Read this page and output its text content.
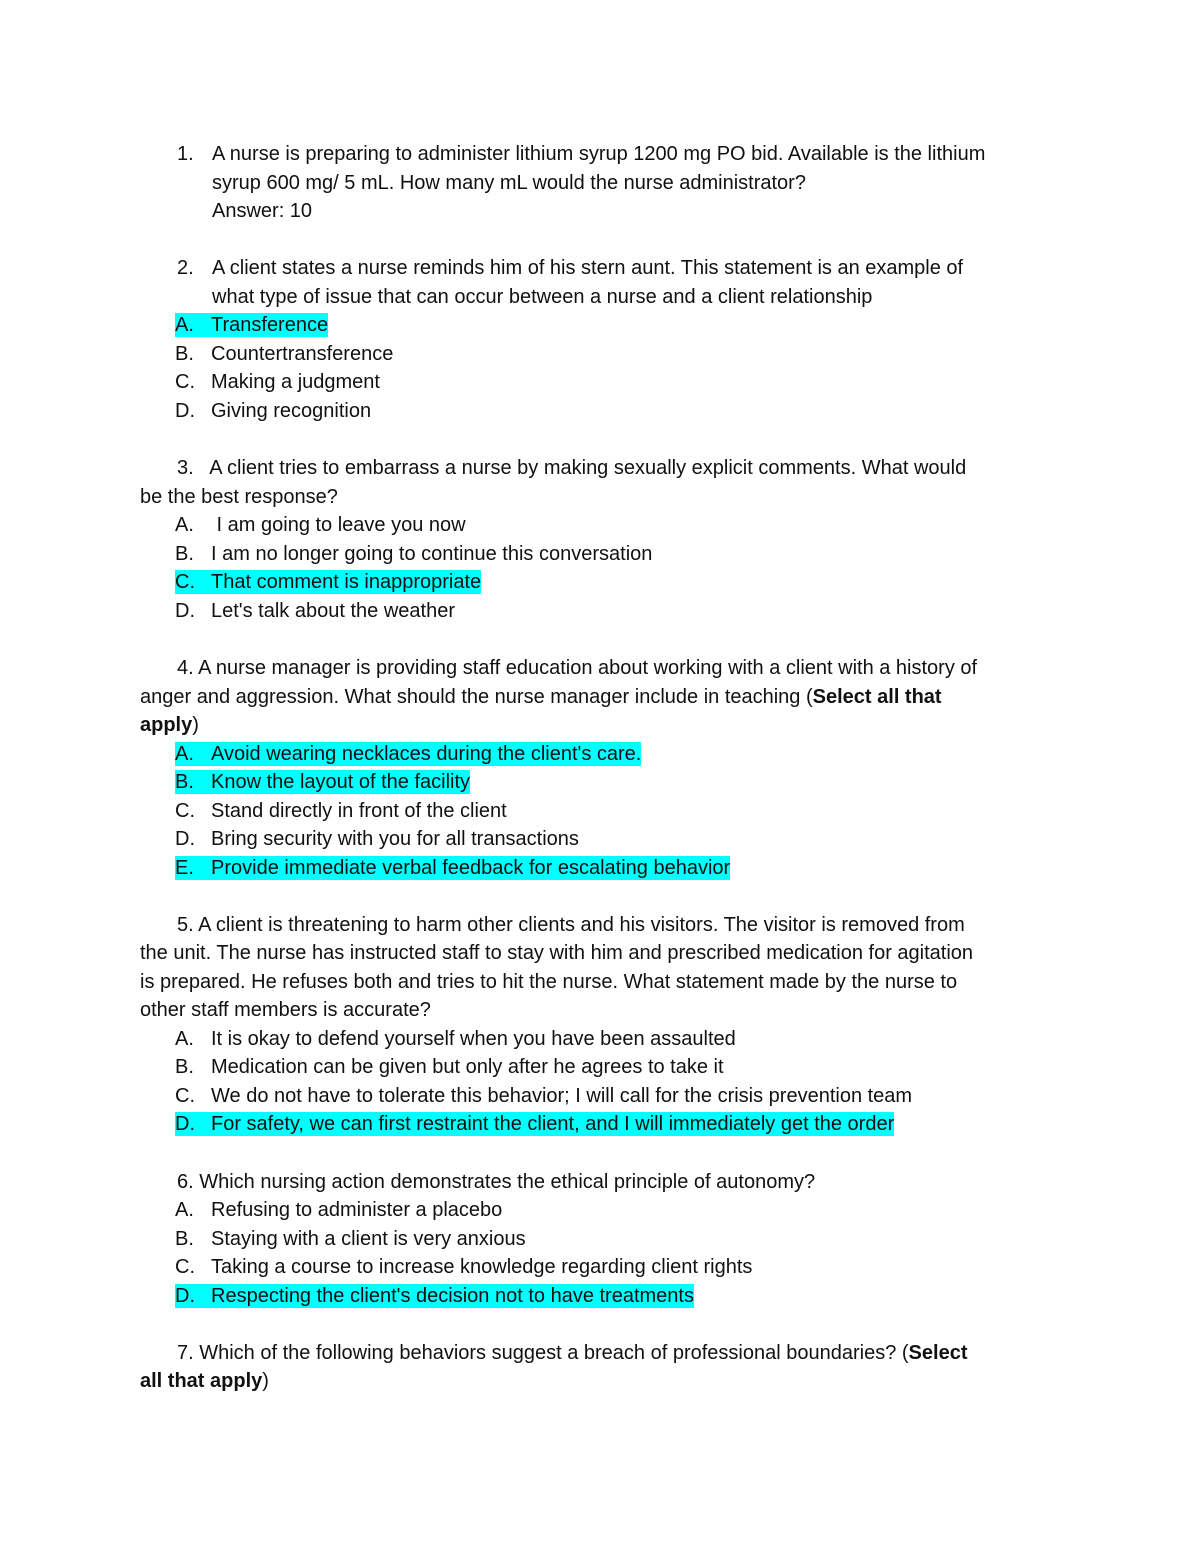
1. A nurse is preparing to administer lithium syrup 1200 mg PO bid. Available is the lithium
syrup 600 mg/ 5 mL. How many mL would the nurse administrator?
Answer: 10
2. A client states a nurse reminds him of his stern aunt. This statement is an example of
what type of issue that can occur between a nurse and a client relationship
A. Transference
B. Countertransference
C. Making a judgment
D. Giving recognition
3.   A client tries to embarrass a nurse by making sexually explicit comments. What would
be the best response?
A. I am going to leave you now
B. I am no longer going to continue this conversation
C. That comment is inappropriate
D. Let's talk about the weather
4. A nurse manager is providing staff education about working with a client with a history of
anger and aggression. What should the nurse manager include in teaching (Select all that
apply)
A. Avoid wearing necklaces during the client's care.
B. Know the layout of the facility
C. Stand directly in front of the client
D. Bring security with you for all transactions
E. Provide immediate verbal feedback for escalating behavior
5. A client is threatening to harm other clients and his visitors. The visitor is removed from
the unit. The nurse has instructed staff to stay with him and prescribed medication for agitation
is prepared. He refuses both and tries to hit the nurse. What statement made by the nurse to
other staff members is accurate?
A. It is okay to defend yourself when you have been assaulted
B. Medication can be given but only after he agrees to take it
C. We do not have to tolerate this behavior; I will call for the crisis prevention team
D. For safety, we can first restraint the client, and I will immediately get the order
6. Which nursing action demonstrates the ethical principle of autonomy?
A. Refusing to administer a placebo
B. Staying with a client is very anxious
C. Taking a course to increase knowledge regarding client rights
D. Respecting the client's decision not to have treatments
7. Which of the following behaviors suggest a breach of professional boundaries? (Select
all that apply)
